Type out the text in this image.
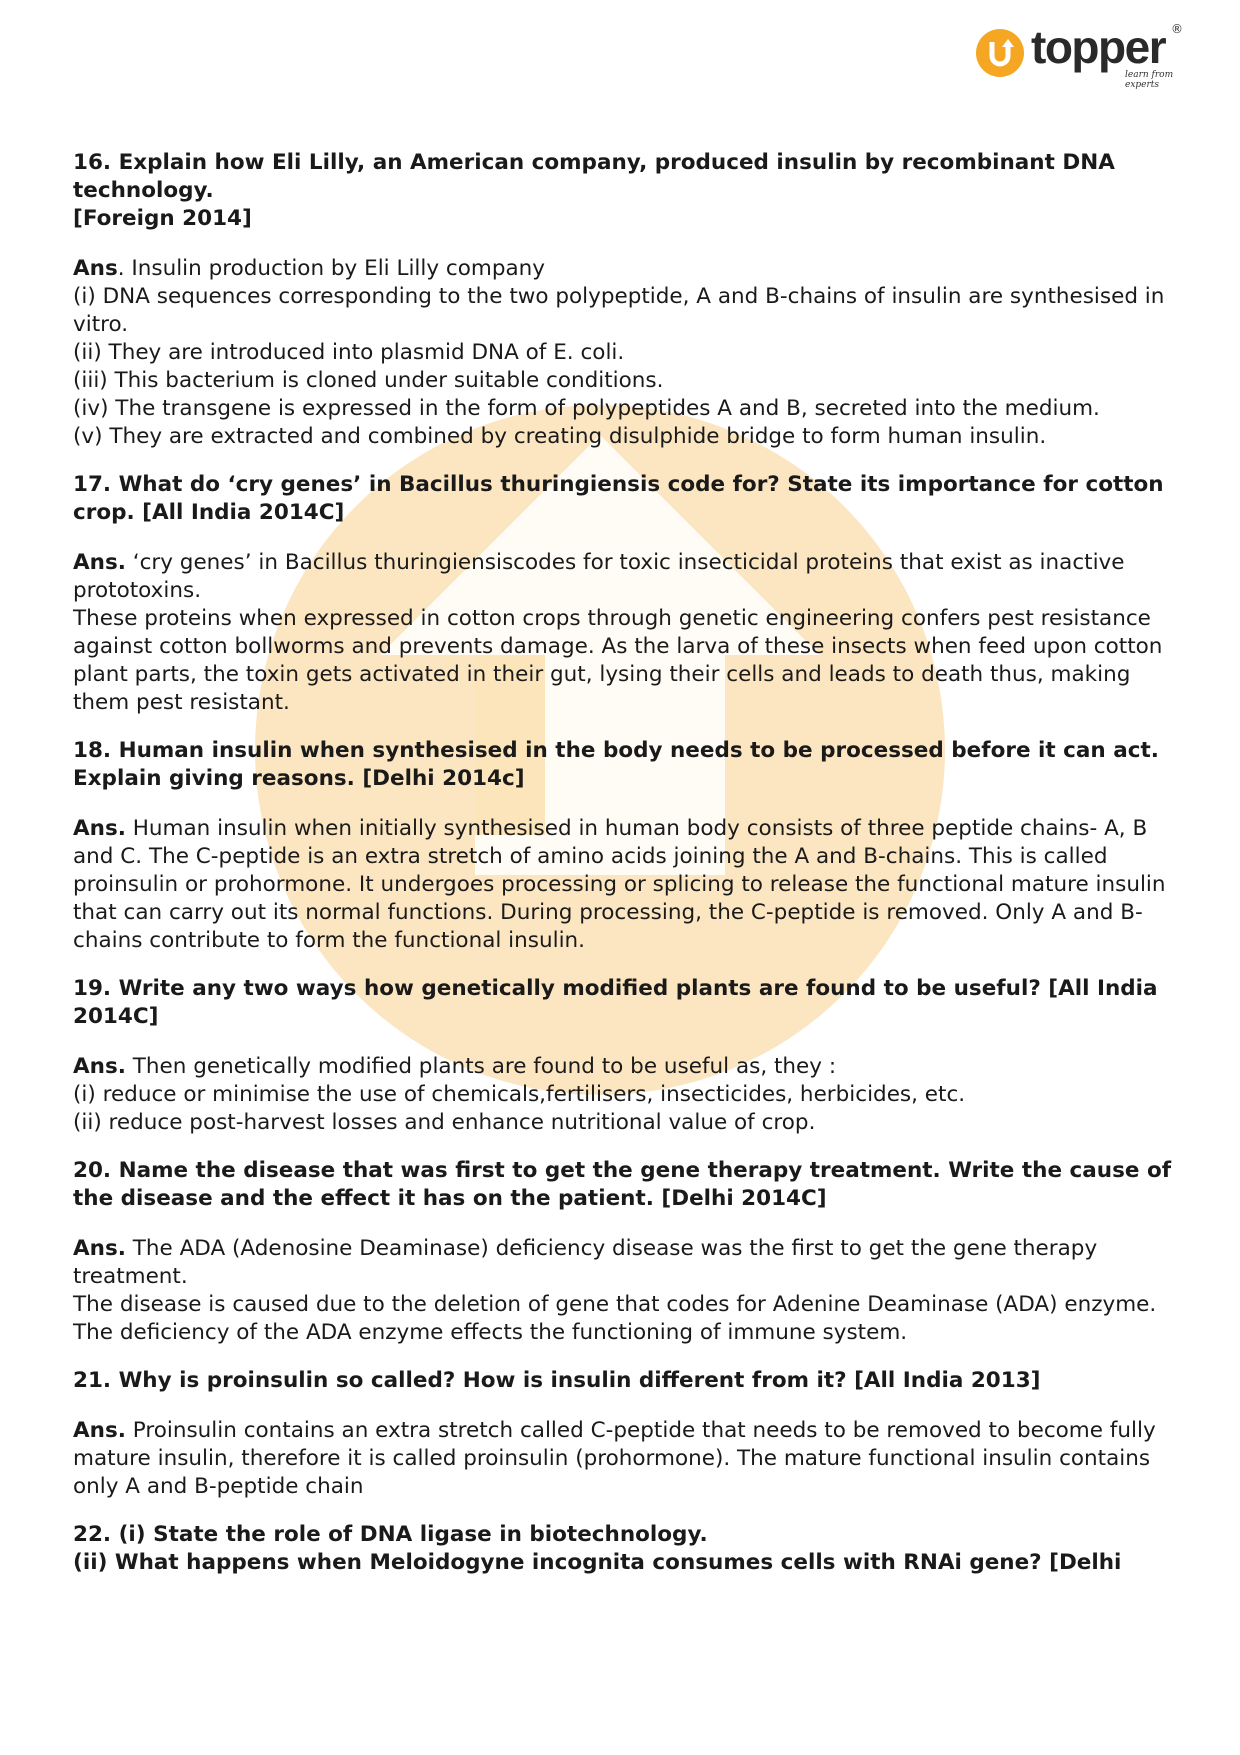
topper
learn from experts
®
16. Explain how Eli Lilly, an American company, produced insulin by recombinant DNA technology.
[Foreign 2014]
Ans. Insulin production by Eli Lilly company
(i) DNA sequences corresponding to the two polypeptide, A and B-chains of insulin are synthesised in vitro.
(ii) They are introduced into plasmid DNA of E. coli.
(iii) This bacterium is cloned under suitable conditions.
(iv) The transgene is expressed in the form of polypeptides A and B, secreted into the medium.
(v) They are extracted and combined by creating disulphide bridge to form human insulin.
17. What do ‘cry genes’ in Bacillus thuringiensis code for? State its importance for cotton crop. [All India 2014C]
Ans. ‘cry genes’ in Bacillus thuringiensiscodes for toxic insecticidal proteins that exist as inactive prototoxins.
These proteins when expressed in cotton crops through genetic engineering confers pest resistance against cotton bollworms and prevents damage. As the larva of these insects when feed upon cotton plant parts, the toxin gets activated in their gut, lysing their cells and leads to death thus, making them pest resistant.
18. Human insulin when synthesised in the body needs to be processed before it can act. Explain giving reasons. [Delhi 2014c]
Ans. Human insulin when initially synthesised in human body consists of three peptide chains- A, B and C. The C-peptide is an extra stretch of amino acids joining the A and B-chains. This is called proinsulin or prohormone. It undergoes processing or splicing to release the functional mature insulin that can carry out its normal functions. During processing, the C-peptide is removed. Only A and B-chains contribute to form the functional insulin.
19. Write any two ways how genetically modified plants are found to be useful? [All India 2014C]
Ans. Then genetically modified plants are found to be useful as, they :
(i) reduce or minimise the use of chemicals,fertilisers, insecticides, herbicides, etc.
(ii) reduce post-harvest losses and enhance nutritional value of crop.
20. Name the disease that was first to get the gene therapy treatment. Write the cause of the disease and the effect it has on the patient. [Delhi 2014C]
Ans. The ADA (Adenosine Deaminase) deficiency disease was the first to get the gene therapy treatment.
The disease is caused due to the deletion of gene that codes for Adenine Deaminase (ADA) enzyme. The deficiency of the ADA enzyme effects the functioning of immune system.
21. Why is proinsulin so called? How is insulin different from it? [All India 2013]
Ans. Proinsulin contains an extra stretch called C-peptide that needs to be removed to become fully mature insulin, therefore it is called proinsulin (prohormone). The mature functional insulin contains only A and B-peptide chain
22. (i) State the role of DNA ligase in biotechnology.
(ii) What happens when Meloidogyne incognita consumes cells with RNAi gene? [Delhi
